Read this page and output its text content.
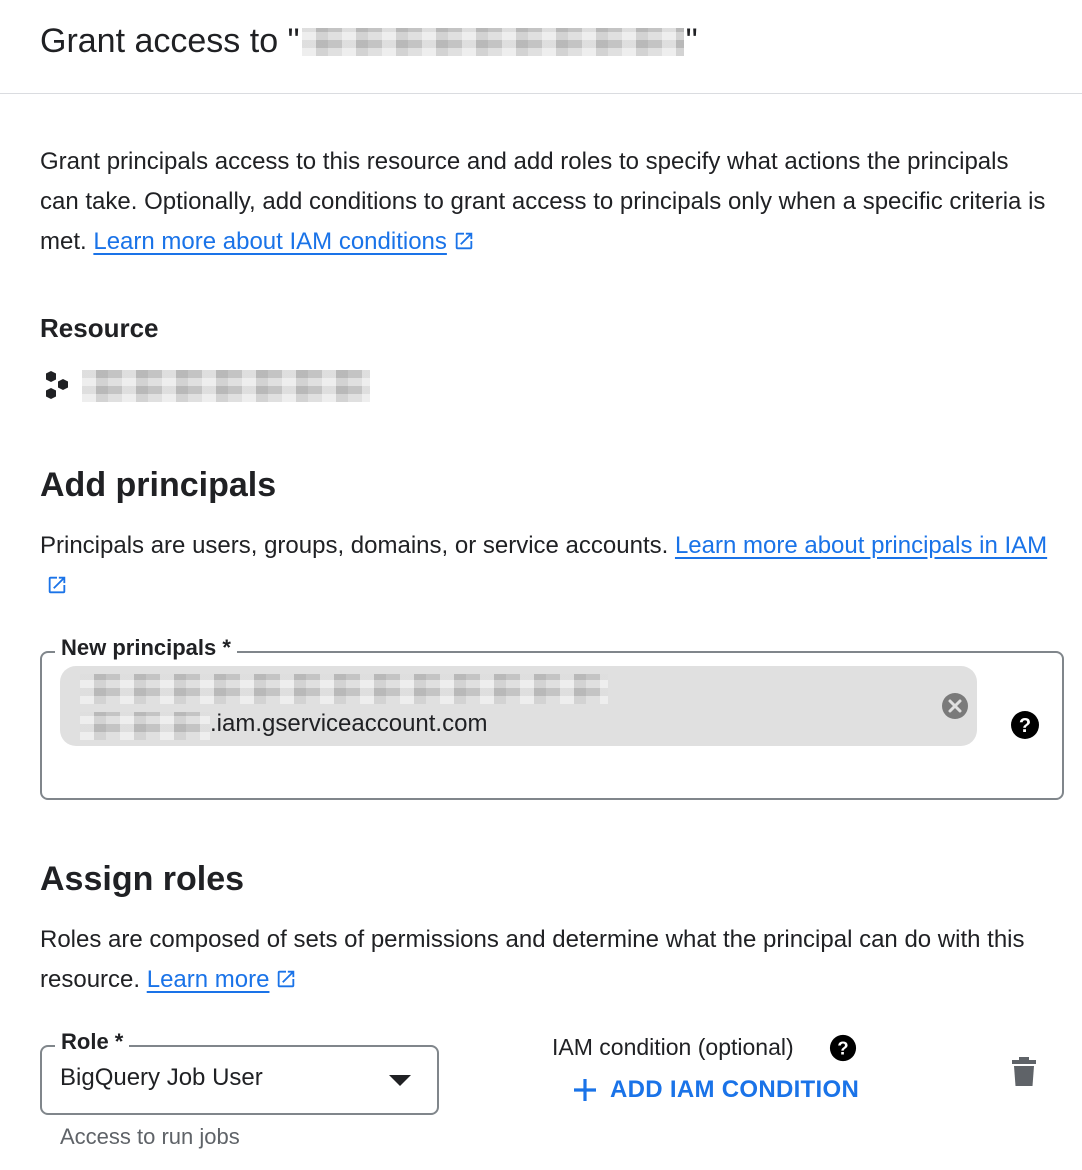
Grant access to "	"
Grant principals access to this resource and add roles to specify what actions the principals can take. Optionally, add conditions to grant access to principals only when a specific criteria is met. Learn more about IAM conditions
Resource
Add principals
Principals are users, groups, domains, or service accounts. Learn more about principals in IAM
New principals *
.iam.gserviceaccount.com	?
Assign roles
Roles are composed of sets of permissions and determine what the principal can do with this resource. Learn more
Role *
BigQuery Job User
Access to run jobs
IAM condition (optional) ?
ADD IAM CONDITION
